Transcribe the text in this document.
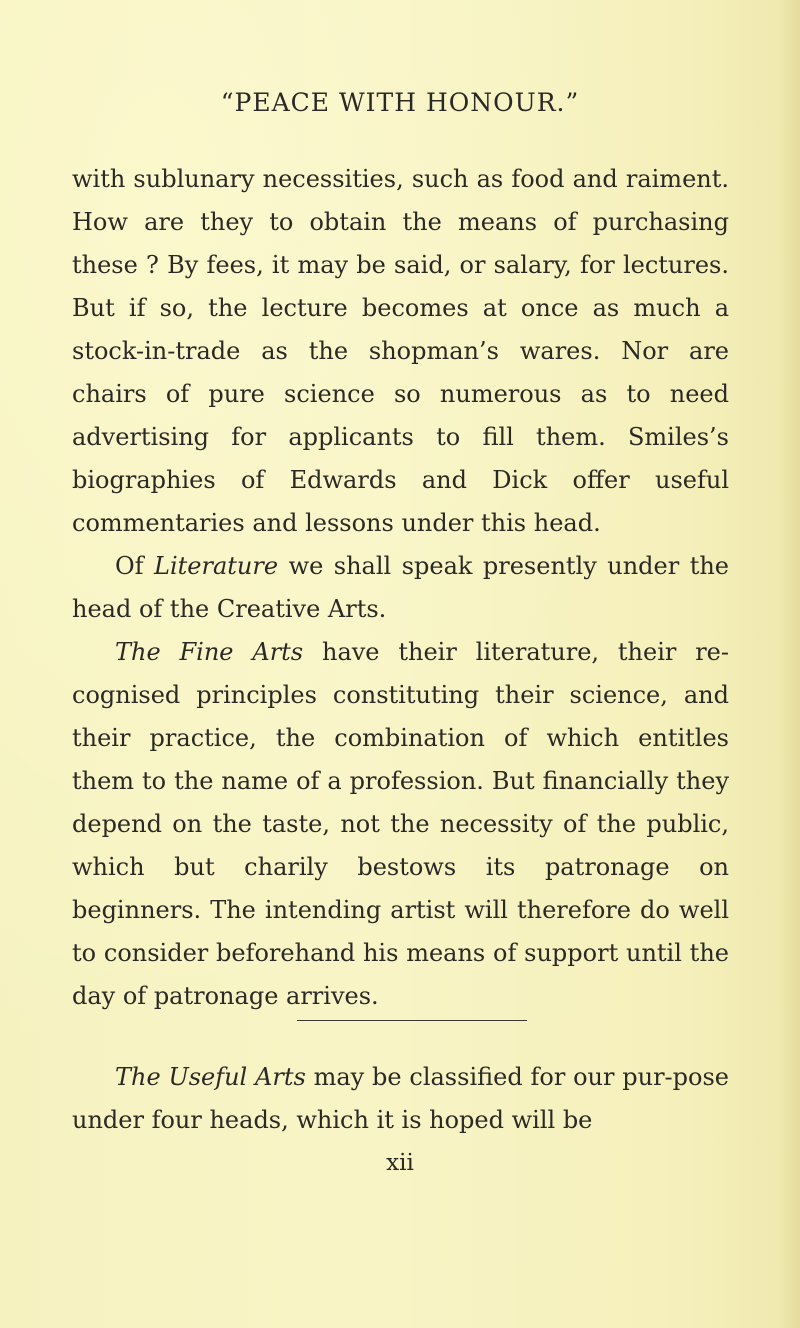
“PEACE WITH HONOUR.”

with sublunary necessities, such as food and raiment. How are they to obtain the means of purchasing these ? By fees, it may be said, or salary, for lectures. But if so, the lecture becomes at once as much a stock-in-trade as the shopman’s wares. Nor are chairs of pure science so numerous as to need advertising for applicants to fill them. Smiles’s biographies of Edwards and Dick offer useful commentaries and lessons under this head.

Of Literature we shall speak presently under the head of the Creative Arts.

The Fine Arts have their literature, their re-cognised principles constituting their science, and their practice, the combination of which entitles them to the name of a profession. But financially they depend on the taste, not the necessity of the public, which but charily bestows its patronage on beginners. The intending artist will therefore do well to consider beforehand his means of support until the day of patronage arrives.

The Useful Arts may be classified for our pur-pose under four heads, which it is hoped will be

xii
